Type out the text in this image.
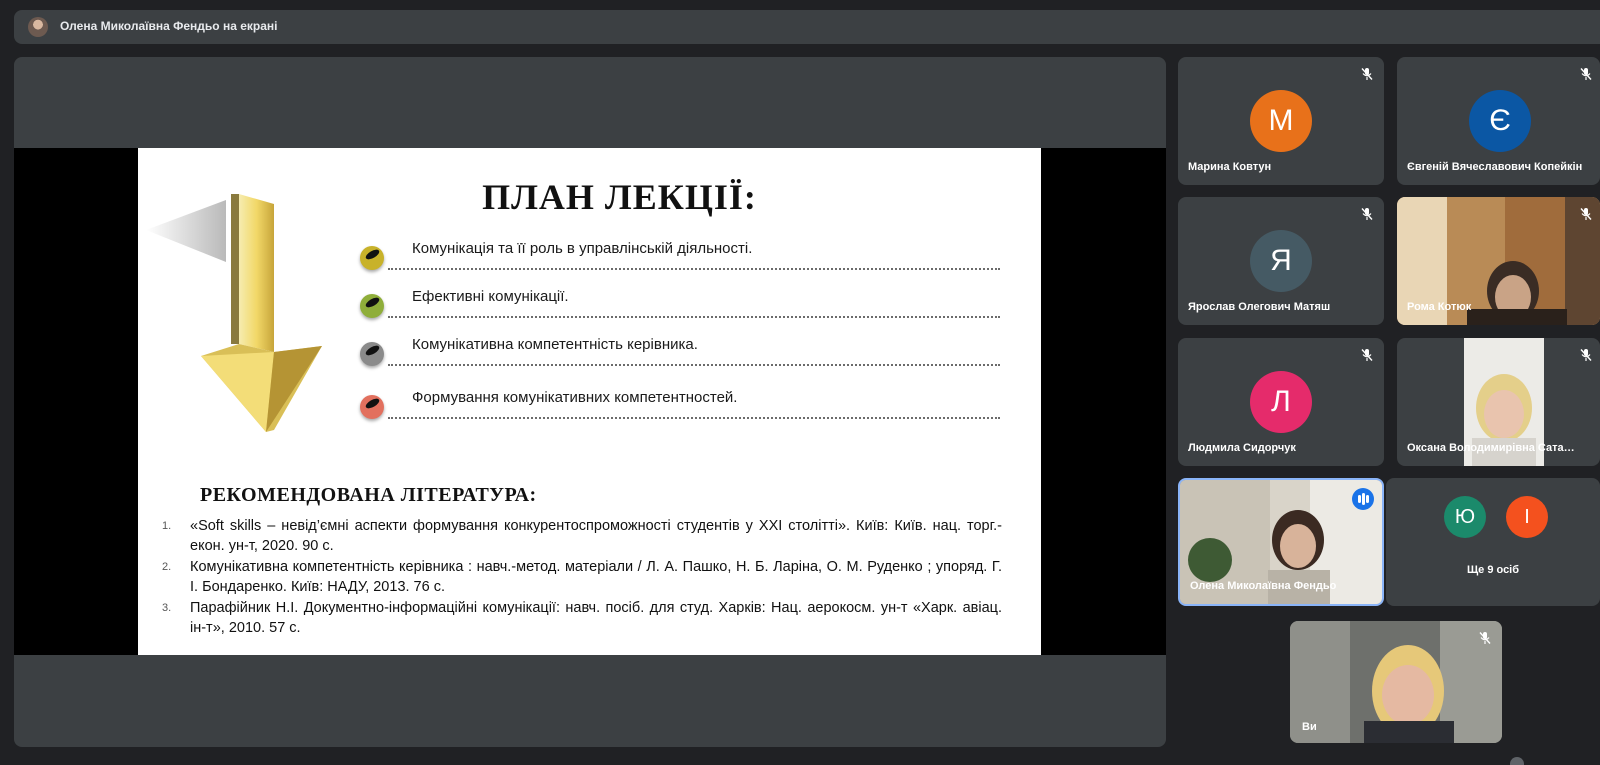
Олена Миколаївна Фендьо на екрані
ПЛАН ЛЕКЦІЇ:
Комунікація та її роль в управлінській діяльності.
Ефективні комунікації.
Комунікативна компетентність керівника.
Формування комунікативних компетентностей.
РЕКОМЕНДОВАНА ЛІТЕРАТУРА:
1. «Soft skills – невід’ємні аспекти формування конкурентоспроможності студентів у ХХІ столітті». Київ: Київ. нац. торг.-екон. ун-т, 2020. 90 с.
2. Комунікативна компетентність керівника : навч.-метод. матеріали / Л. А. Пашко, Н. Б. Ларіна, О. М. Руденко ; упоряд. Г. І. Бондаренко. Київ: НАДУ, 2013. 76 с.
3. Парафійник Н.І. Документно-інформаційні комунікації: навч. посіб. для студ. Харків: Нац. аерокосм. ун-т «Харк. авіац. ін-т», 2010. 57 с.
М
Марина Ковтун
Є
Євгеній Вячеславович Копейкін
Я
Ярослав Олегович Матяш	Рома Котюк
Л
Людмила Сидорчук	Оксана Володимирівна Сата…
Олена Миколаївна Фендьо
Ю	І
Ще 9 осіб
Ви
